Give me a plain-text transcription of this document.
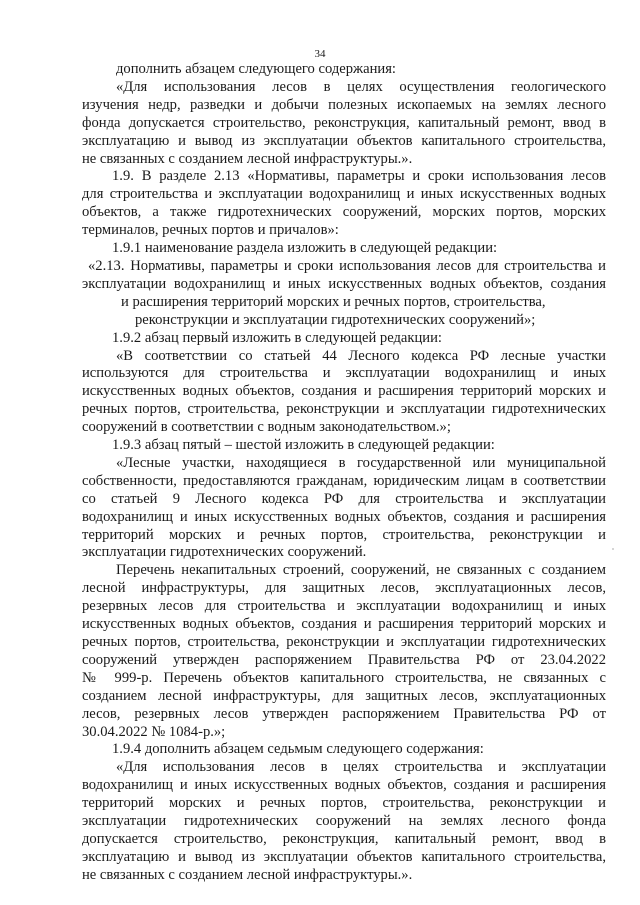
34
дополнить абзацем следующего содержания:
«Для использования лесов в целях осуществления геологического
изучения недр, разведки и добычи полезных ископаемых на землях лесного
фонда допускается строительство, реконструкция, капитальный ремонт, ввод в
эксплуатацию и вывод из эксплуатации объектов капитального строительства,
не связанных с созданием лесной инфраструктуры.».
1.9. В разделе 2.13 «Нормативы, параметры и сроки использования лесов
для строительства и эксплуатации водохранилищ и иных искусственных водных
объектов, а также гидротехнических сооружений, морских портов, морских
терминалов, речных портов и причалов»:
1.9.1 наименование раздела изложить в следующей редакции:
«2.13. Нормативы, параметры и сроки использования лесов для строительства и
эксплуатации водохранилищ и иных искусственных водных объектов, создания
и расширения территорий морских и речных портов, строительства,
реконструкции и эксплуатации гидротехнических сооружений»;
1.9.2 абзац первый изложить в следующей редакции:
«В соответствии со статьей 44 Лесного кодекса РФ лесные участки
используются для строительства и эксплуатации водохранилищ и иных
искусственных водных объектов, создания и расширения территорий морских и
речных портов, строительства, реконструкции и эксплуатации гидротехнических
сооружений в соответствии с водным законодательством.»;
1.9.3 абзац пятый – шестой изложить в следующей редакции:
«Лесные участки, находящиеся в государственной или муниципальной
собственности, предоставляются гражданам, юридическим лицам в соответствии
со статьей 9 Лесного кодекса РФ для строительства и эксплуатации
водохранилищ и иных искусственных водных объектов, создания и расширения
территорий морских и речных портов, строительства, реконструкции и
эксплуатации гидротехнических сооружений.
Перечень некапитальных строений, сооружений, не связанных с созданием
лесной инфраструктуры, для защитных лесов, эксплуатационных лесов,
резервных лесов для строительства и эксплуатации водохранилищ и иных
искусственных водных объектов, создания и расширения территорий морских и
речных портов, строительства, реконструкции и эксплуатации гидротехнических
сооружений утвержден распоряжением Правительства РФ от 23.04.2022
№ 999-р. Перечень объектов капитального строительства, не связанных с
созданием лесной инфраструктуры, для защитных лесов, эксплуатационных
лесов, резервных лесов утвержден распоряжением Правительства РФ от
30.04.2022 № 1084-р.»;
1.9.4 дополнить абзацем седьмым следующего содержания:
«Для использования лесов в целях строительства и эксплуатации
водохранилищ и иных искусственных водных объектов, создания и расширения
территорий морских и речных портов, строительства, реконструкции и
эксплуатации гидротехнических сооружений на землях лесного фонда
допускается строительство, реконструкция, капитальный ремонт, ввод в
эксплуатацию и вывод из эксплуатации объектов капитального строительства,
не связанных с созданием лесной инфраструктуры.».
